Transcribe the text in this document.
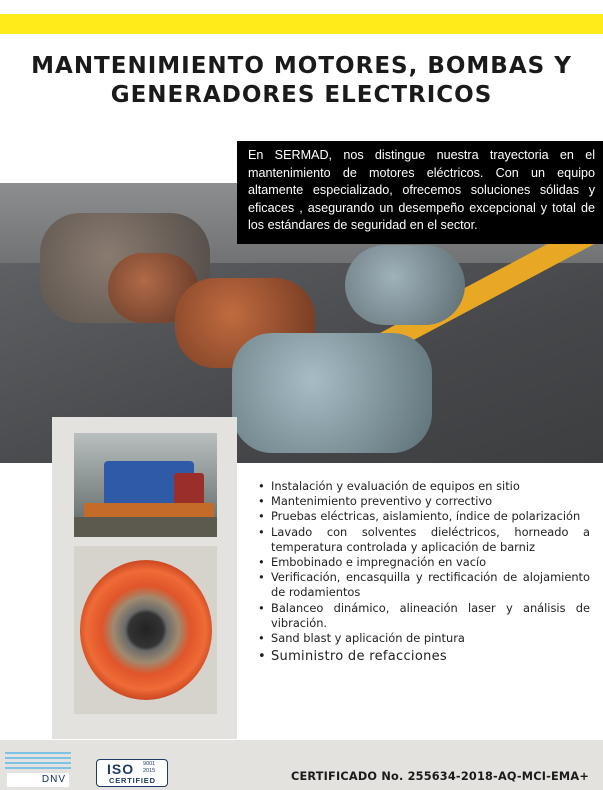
MANTENIMIENTO MOTORES, BOMBAS Y
GENERADORES ELECTRICOS

En SERMAD, nos distingue nuestra trayectoria en el mantenimiento de motores eléctricos. Con un equipo altamente especializado, ofrecemos soluciones sólidas y eficaces , asegurando un desempeño excepcional y total de los estándares de seguridad en el sector.

• Instalación y evaluación de equipos en sitio
• Mantenimiento preventivo y correctivo
• Pruebas eléctricas, aislamiento, índice de polarización
• Lavado con solventes dieléctricos, horneado a temperatura controlada y aplicación de barniz
• Embobinado e impregnación en vacío
• Verificación, encasquilla y rectificación de alojamiento de rodamientos
• Balanceo dinámico, alineación laser y análisis de vibración.
• Sand blast y aplicación de pintura
• Suministro de refacciones
DNV
ISO 9001
2015
CERTIFIED	CERTIFICADO No. 255634-2018-AQ-MCI-EMA+
